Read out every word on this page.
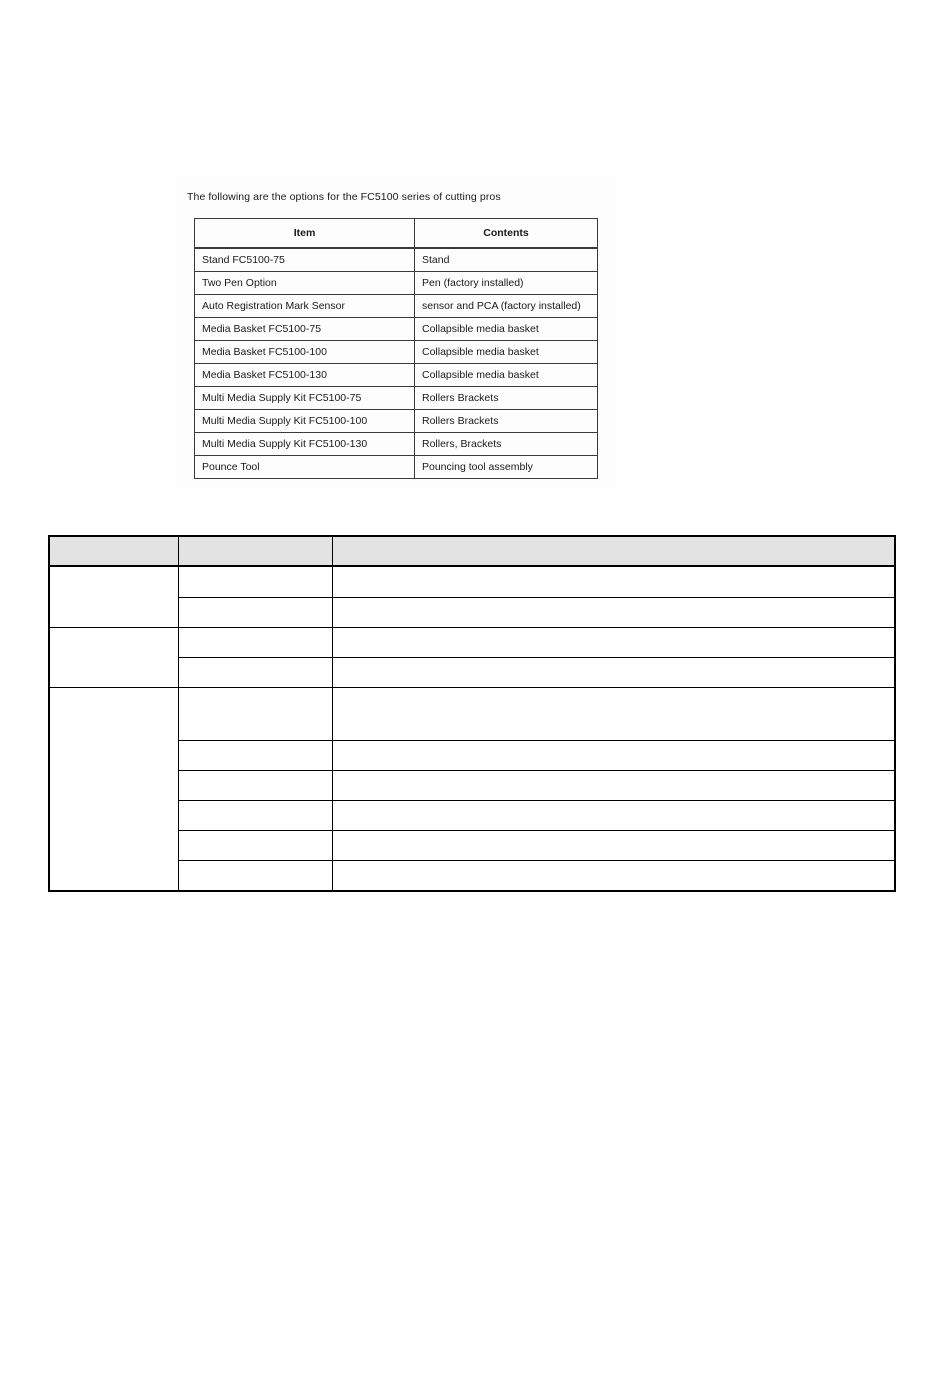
The following are the options for the FC5100 series of cutting pros
Item	Contents
Stand FC5100-75	Stand
Two Pen Option	Pen (factory installed)
Auto Registration Mark Sensor	sensor and PCA (factory installed)
Media Basket FC5100-75	Collapsible media basket
Media Basket FC5100-100	Collapsible media basket
Media Basket FC5100-130	Collapsible media basket
Multi Media Supply Kit FC5100-75	Rollers Brackets
Multi Media Supply Kit FC5100-100	Rollers Brackets
Multi Media Supply Kit FC5100-130	Rollers, Brackets
Pounce Tool	Pouncing tool assembly
